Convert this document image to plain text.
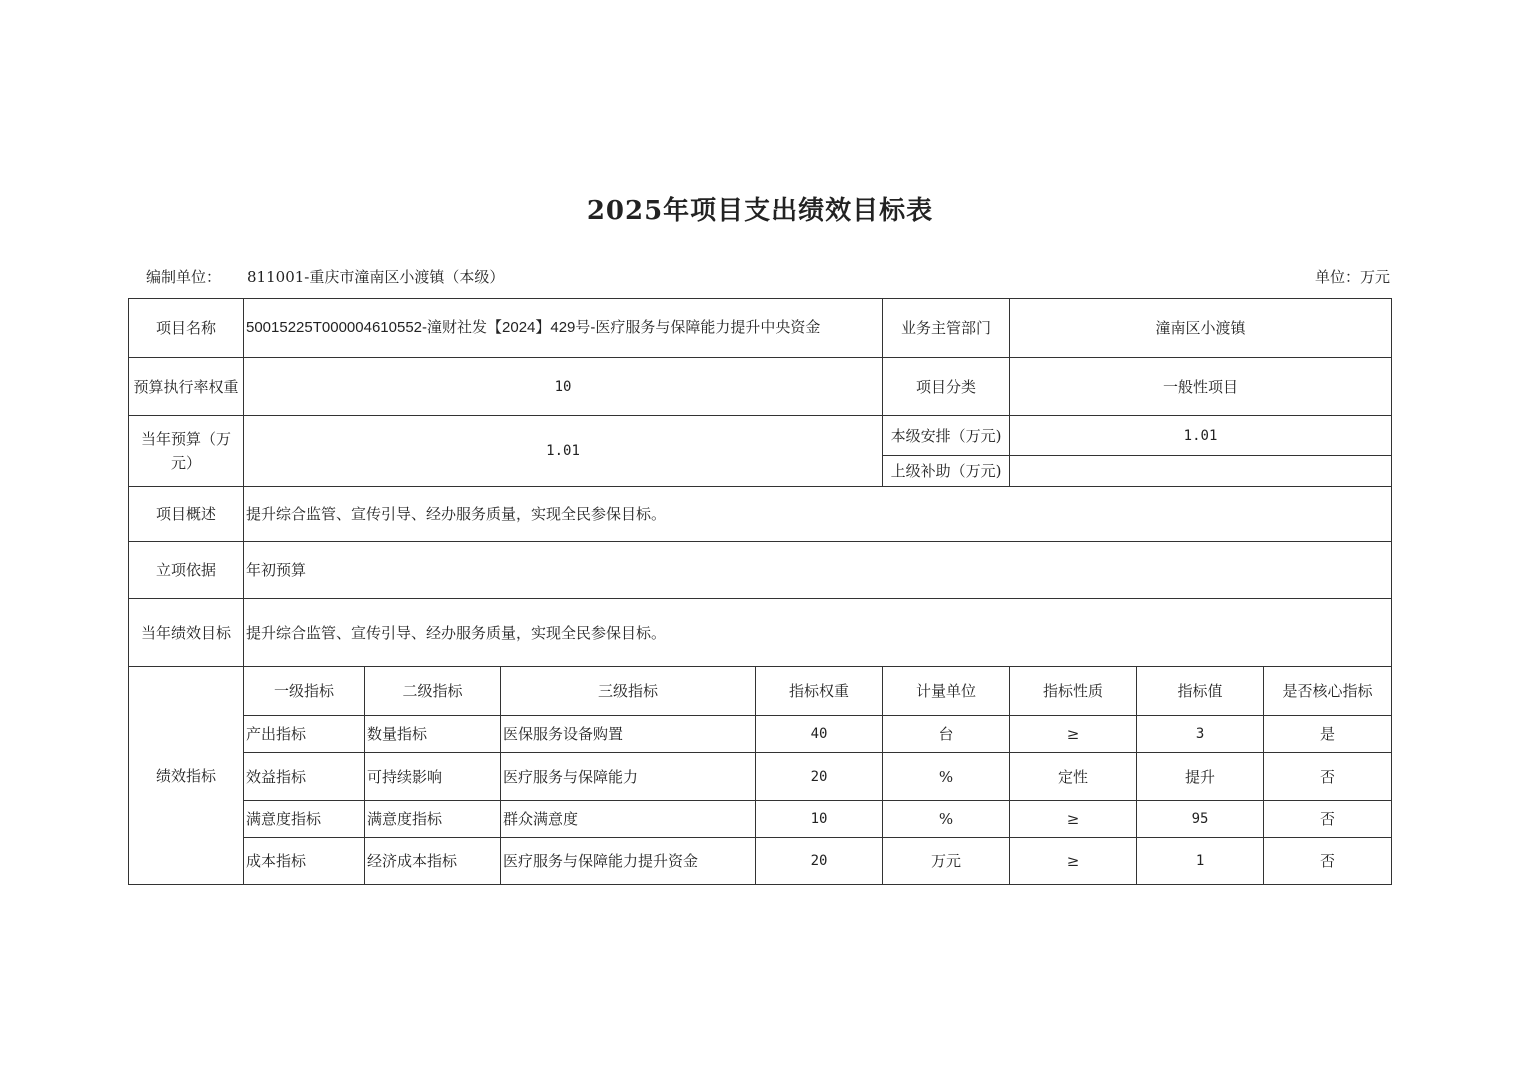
2025年项目支出绩效目标表
编制单位： 811001-重庆市潼南区小渡镇（本级）	单位：万元
项目名称	50015225T000004610552-潼财社发【2024】429号-医疗服务与保障能力提升中央资金				业务主管部门	潼南区小渡镇		
预算执行率权重	10				项目分类	一般性项目		
当年预算（万元）	1.01				本级安排（万元)	1.01		
					上级补助（万元)			
项目概述	提升综合监管、宣传引导、经办服务质量，实现全民参保目标。							
立项依据	年初预算							
当年绩效目标	提升综合监管、宣传引导、经办服务质量，实现全民参保目标。							
绩效指标	一级指标	二级指标	三级指标	指标权重	计量单位	指标性质	指标值	是否核心指标
	产出指标	数量指标	医保服务设备购置	40	台	≥	3	是
	效益指标	可持续影响	医疗服务与保障能力	20	%	定性	提升	否
	满意度指标	满意度指标	群众满意度	10	%	≥	95	否
	成本指标	经济成本指标	医疗服务与保障能力提升资金	20	万元	≥	1	否
